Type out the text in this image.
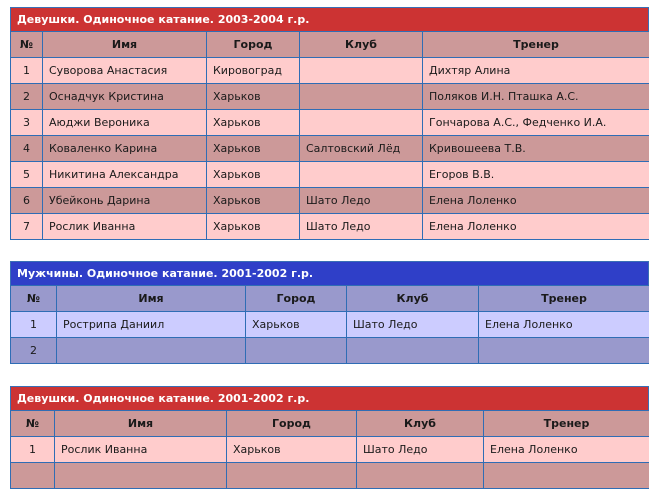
Девушки. Одиночное катание. 2003-2004 г.р.
№	Имя	Город	Клуб	Тренер
1	Суворова Анастасия	Кировоград		Дихтяр Алина
2	Оснадчук Кристина	Харьков		Поляков И.Н. Пташка А.С.
3	Аюджи Вероника	Харьков		Гончарова А.С., Федченко И.А.
4	Коваленко Карина	Харьков	Салтовский Лёд	Кривошеева Т.В.
5	Никитина Александра	Харьков		Егоров В.В.
6	Убейконь Дарина	Харьков	Шато Ледо	Елена Лоленко
7	Рослик Иванна	Харьков	Шато Ледо	Елена Лоленко
Мужчины. Одиночное катание. 2001-2002 г.р.
№	Имя	Город	Клуб	Тренер
1	Рострипа Даниил	Харьков	Шато Ледо	Елена Лоленко
2				
Девушки. Одиночное катание. 2001-2002 г.р.
№	Имя	Город	Клуб	Тренер
1	Рослик Иванна	Харьков	Шато Ледо	Елена Лоленко
